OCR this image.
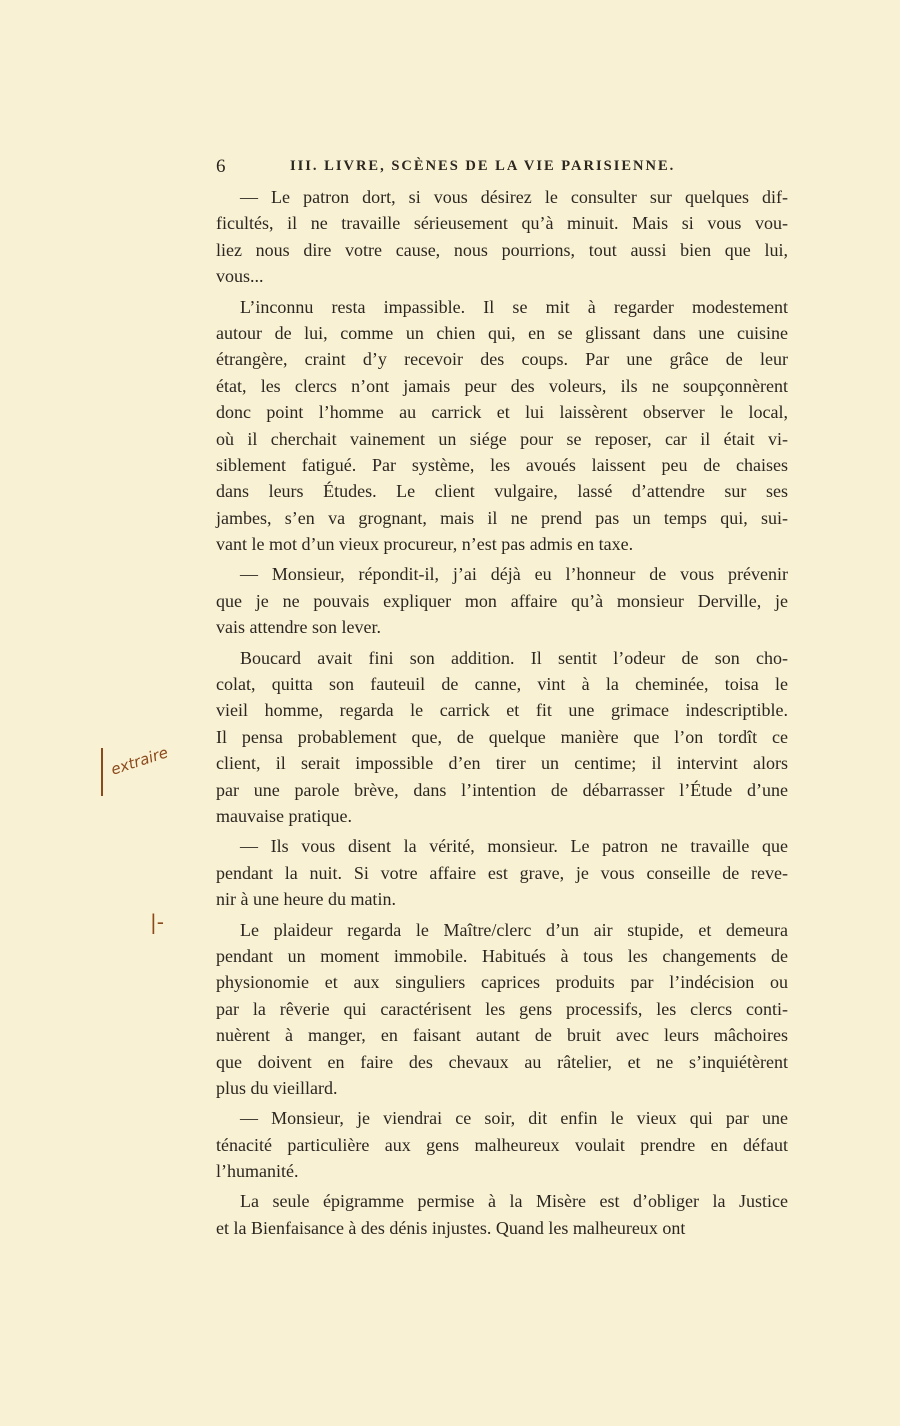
6	III. LIVRE, SCÈNES DE LA VIE PARISIENNE.
— Le patron dort, si vous désirez le consulter sur quelques dif-
ficultés, il ne travaille sérieusement qu’à minuit. Mais si vous vou-
liez nous dire votre cause, nous pourrions, tout aussi bien que lui,
vous...
L’inconnu resta impassible. Il se mit à regarder modestement
autour de lui, comme un chien qui, en se glissant dans une cuisine
étrangère, craint d’y recevoir des coups. Par une grâce de leur
état, les clercs n’ont jamais peur des voleurs, ils ne soupçonnèrent
donc point l’homme au carrick et lui laissèrent observer le local,
où il cherchait vainement un siége pour se reposer, car il était vi-
siblement fatigué. Par système, les avoués laissent peu de chaises
dans leurs Études. Le client vulgaire, lassé d’attendre sur ses
jambes, s’en va grognant, mais il ne prend pas un temps qui, sui-
vant le mot d’un vieux procureur, n’est pas admis en taxe.
— Monsieur, répondit-il, j’ai déjà eu l’honneur de vous prévenir
que je ne pouvais expliquer mon affaire qu’à monsieur Derville, je
vais attendre son lever.
Boucard avait fini son addition. Il sentit l’odeur de son cho-
colat, quitta son fauteuil de canne, vint à la cheminée, toisa le
vieil homme, regarda le carrick et fit une grimace indescriptible.
Il pensa probablement que, de quelque manière que l’on tordît ce
client, il serait impossible d’en tirer un centime; il intervint alors
par une parole brève, dans l’intention de débarrasser l’Étude d’une
mauvaise pratique.
— Ils vous disent la vérité, monsieur. Le patron ne travaille que
pendant la nuit. Si votre affaire est grave, je vous conseille de reve-
nir à une heure du matin.
Le plaideur regarda le Maître/clerc d’un air stupide, et demeura
pendant un moment immobile. Habitués à tous les changements de
physionomie et aux singuliers caprices produits par l’indécision ou
par la rêverie qui caractérisent les gens processifs, les clercs conti-
nuèrent à manger, en faisant autant de bruit avec leurs mâchoires
que doivent en faire des chevaux au râtelier, et ne s’inquiétèrent
plus du vieillard.
— Monsieur, je viendrai ce soir, dit enfin le vieux qui par une
ténacité particulière aux gens malheureux voulait prendre en défaut
l’humanité.
La seule épigramme permise à la Misère est d’obliger la Justice
et la Bienfaisance à des dénis injustes. Quand les malheureux ont
extraire
|-
